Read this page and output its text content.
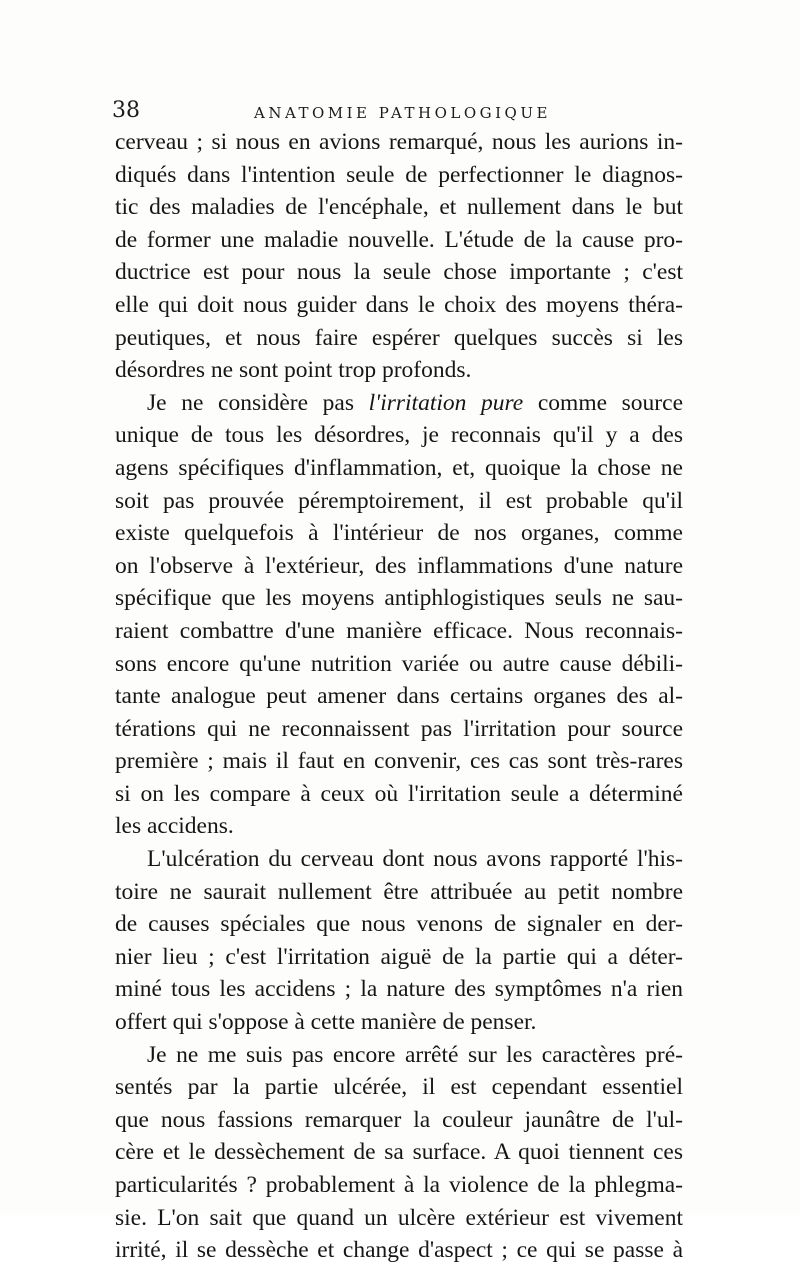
38	ANATOMIE PATHOLOGIQUE

cerveau ; si nous en avions remarqué, nous les aurions in-
diqués dans l'intention seule de perfectionner le diagnos-
tic des maladies de l'encéphale, et nullement dans le but
de former une maladie nouvelle. L'étude de la cause pro-
ductrice est pour nous la seule chose importante ; c'est
elle qui doit nous guider dans le choix des moyens théra-
peutiques, et nous faire espérer quelques succès si les
désordres ne sont point trop profonds.

Je ne considère pas l'irritation pure comme source
unique de tous les désordres, je reconnais qu'il y a des
agens spécifiques d'inflammation, et, quoique la chose ne
soit pas prouvée péremptoirement, il est probable qu'il
existe quelquefois à l'intérieur de nos organes, comme
on l'observe à l'extérieur, des inflammations d'une nature
spécifique que les moyens antiphlogistiques seuls ne sau-
raient combattre d'une manière efficace. Nous reconnais-
sons encore qu'une nutrition variée ou autre cause débili-
tante analogue peut amener dans certains organes des al-
térations qui ne reconnaissent pas l'irritation pour source
première ; mais il faut en convenir, ces cas sont très-rares
si on les compare à ceux où l'irritation seule a déterminé
les accidens.

L'ulcération du cerveau dont nous avons rapporté l'his-
toire ne saurait nullement être attribuée au petit nombre
de causes spéciales que nous venons de signaler en der-
nier lieu ; c'est l'irritation aiguë de la partie qui a déter-
miné tous les accidens ; la nature des symptômes n'a rien
offert qui s'oppose à cette manière de penser.

Je ne me suis pas encore arrêté sur les caractères pré-
sentés par la partie ulcérée, il est cependant essentiel
que nous fassions remarquer la couleur jaunâtre de l'ul-
cère et le dessèchement de sa surface. A quoi tiennent ces
particularités ? probablement à la violence de la phlegma-
sie. L'on sait que quand un ulcère extérieur est vivement
irrité, il se dessèche et change d'aspect ; ce qui se passe à
